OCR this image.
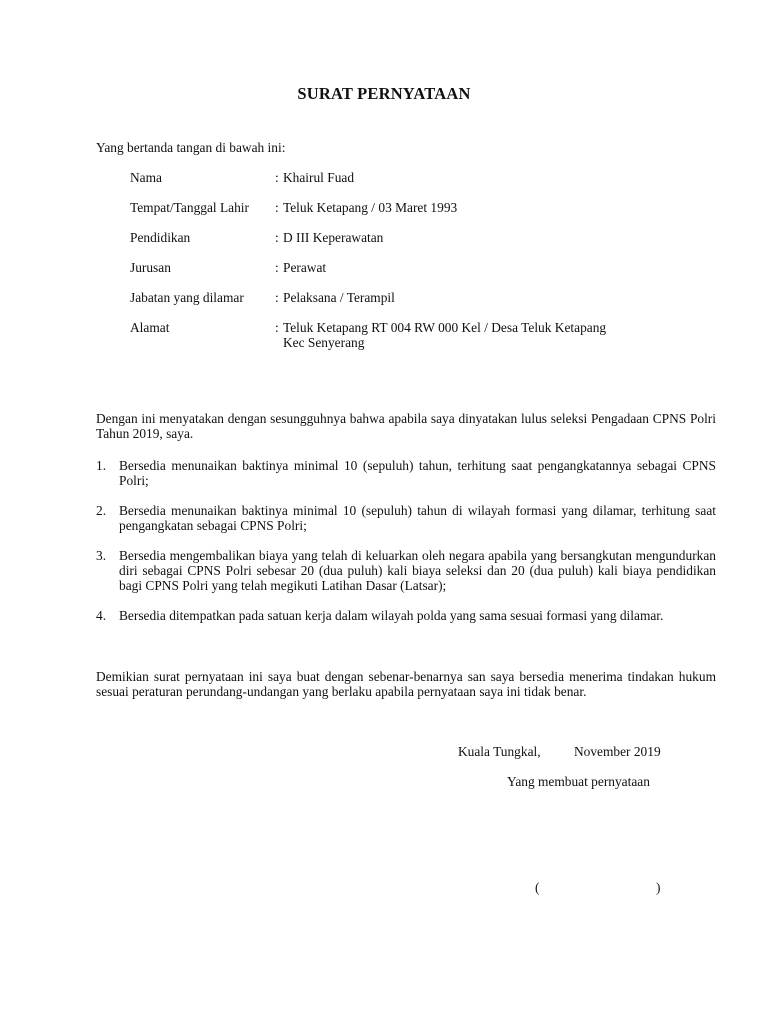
SURAT PERNYATAAN
Yang bertanda tangan di bawah ini:
Nama	: Khairul Fuad
Tempat/Tanggal Lahir	: Teluk Ketapang / 03 Maret 1993
Pendidikan	: D III Keperawatan
Jurusan	: Perawat
Jabatan yang dilamar	: Pelaksana / Terampil
Alamat	: Teluk Ketapang RT 004 RW 000 Kel / Desa Teluk Ketapang
Kec Senyerang
Dengan ini menyatakan dengan sesungguhnya bahwa apabila saya dinyatakan lulus seleksi Pengadaan CPNS Polri Tahun 2019, saya.
1. Bersedia menunaikan baktinya minimal 10 (sepuluh) tahun, terhitung saat pengangkatannya sebagai CPNS Polri;
2. Bersedia menunaikan baktinya minimal 10 (sepuluh) tahun di wilayah formasi yang dilamar, terhitung saat pengangkatan sebagai CPNS Polri;
3. Bersedia mengembalikan biaya yang telah di keluarkan oleh negara apabila yang bersangkutan mengundurkan diri sebagai CPNS Polri sebesar 20 (dua puluh) kali biaya seleksi dan 20 (dua puluh) kali biaya pendidikan bagi CPNS Polri yang telah megikuti Latihan Dasar (Latsar);
4. Bersedia ditempatkan pada satuan kerja dalam wilayah polda yang sama sesuai formasi yang dilamar.
Demikian surat pernyataan ini saya buat dengan sebenar-benarnya san saya bersedia menerima tindakan hukum sesuai peraturan perundang-undangan yang berlaku apabila pernyataan saya ini tidak benar.
Kuala Tungkal, November 2019
Yang membuat pernyataan
(	)
